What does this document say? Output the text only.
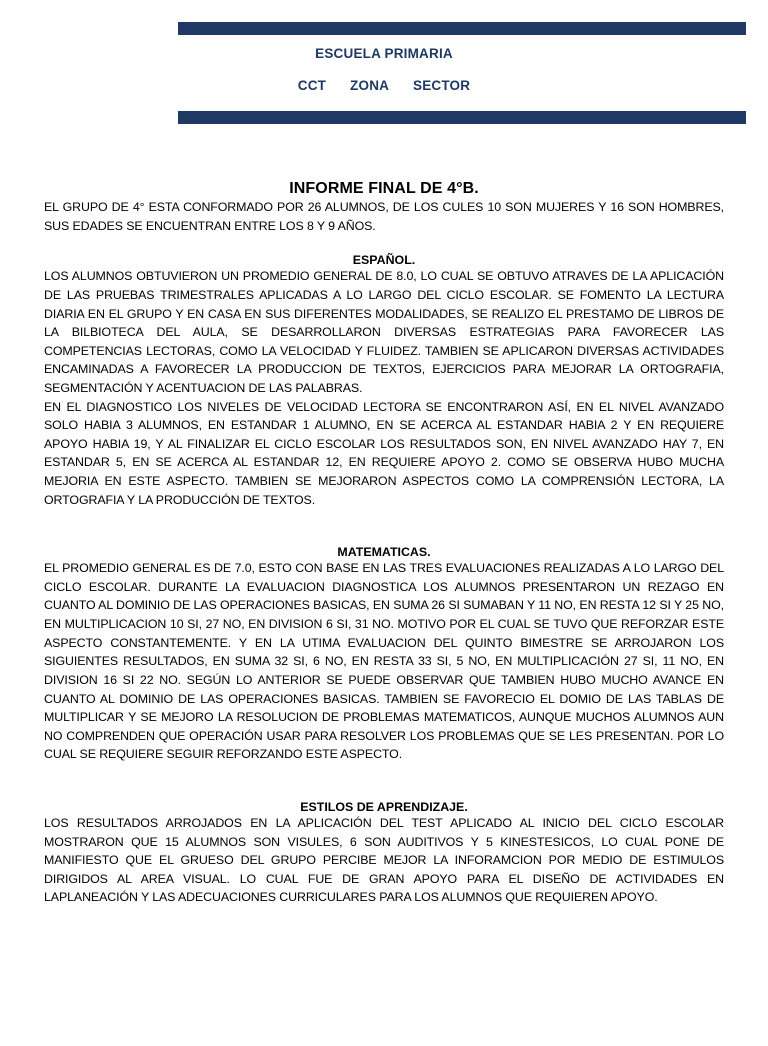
ESCUELA PRIMARIA
CCT ZONA SECTOR
INFORME FINAL DE 4°B.

EL GRUPO DE 4° ESTA CONFORMADO POR 26 ALUMNOS, DE LOS CULES 10 SON MUJERES Y 16 SON HOMBRES, SUS EDADES SE ENCUENTRAN ENTRE LOS 8 Y 9 AÑOS.

ESPAÑOL.

LOS ALUMNOS OBTUVIERON UN PROMEDIO GENERAL DE 8.0, LO CUAL SE OBTUVO ATRAVES DE LA APLICACIÓN DE LAS PRUEBAS TRIMESTRALES APLICADAS A LO LARGO DEL CICLO ESCOLAR. SE FOMENTO LA LECTURA DIARIA EN EL GRUPO Y EN CASA EN SUS DIFERENTES MODALIDADES, SE REALIZO EL PRESTAMO DE LIBROS DE LA BILBIOTECA DEL AULA, SE DESARROLLARON DIVERSAS ESTRATEGIAS PARA FAVORECER LAS COMPETENCIAS LECTORAS, COMO LA VELOCIDAD Y FLUIDEZ. TAMBIEN SE APLICARON DIVERSAS ACTIVIDADES ENCAMINADAS A FAVORECER LA PRODUCCION DE TEXTOS, EJERCICIOS PARA MEJORAR LA ORTOGRAFIA, SEGMENTACIÓN Y ACENTUACION DE LAS PALABRAS.

EN EL DIAGNOSTICO LOS NIVELES DE VELOCIDAD LECTORA SE ENCONTRARON ASÍ, EN EL NIVEL AVANZADO SOLO HABIA 3 ALUMNOS, EN ESTANDAR 1 ALUMNO, EN SE ACERCA AL ESTANDAR HABIA 2 Y EN REQUIERE APOYO HABIA 19, Y AL FINALIZAR EL CICLO ESCOLAR LOS RESULTADOS SON, EN NIVEL AVANZADO HAY 7, EN ESTANDAR 5, EN SE ACERCA AL ESTANDAR 12, EN REQUIERE APOYO 2. COMO SE OBSERVA HUBO MUCHA MEJORIA EN ESTE ASPECTO. TAMBIEN SE MEJORARON ASPECTOS COMO LA COMPRENSIÓN LECTORA, LA ORTOGRAFIA Y LA PRODUCCIÓN DE TEXTOS.

MATEMATICAS.

EL PROMEDIO GENERAL ES DE 7.0, ESTO CON BASE EN LAS TRES EVALUACIONES REALIZADAS A LO LARGO DEL CICLO ESCOLAR. DURANTE LA EVALUACION DIAGNOSTICA LOS ALUMNOS PRESENTARON UN REZAGO EN CUANTO AL DOMINIO DE LAS OPERACIONES BASICAS, EN SUMA 26 SI SUMABAN Y 11 NO, EN RESTA 12 SI Y 25 NO, EN MULTIPLICACION 10 SI, 27 NO, EN DIVISION 6 SI, 31 NO. MOTIVO POR EL CUAL SE TUVO QUE REFORZAR ESTE ASPECTO CONSTANTEMENTE. Y EN LA UTIMA EVALUACION DEL QUINTO BIMESTRE SE ARROJARON LOS SIGUIENTES RESULTADOS, EN SUMA 32 SI, 6 NO, EN RESTA 33 SI, 5 NO, EN MULTIPLICACIÓN 27 SI, 11 NO, EN DIVISION 16 SI 22 NO. SEGÚN LO ANTERIOR SE PUEDE OBSERVAR QUE TAMBIEN HUBO MUCHO AVANCE EN CUANTO AL DOMINIO DE LAS OPERACIONES BASICAS. TAMBIEN SE FAVORECIO EL DOMIO DE LAS TABLAS DE MULTIPLICAR Y SE MEJORO LA RESOLUCION DE PROBLEMAS MATEMATICOS, AUNQUE MUCHOS ALUMNOS AUN NO COMPRENDEN QUE OPERACIÓN USAR PARA RESOLVER LOS PROBLEMAS QUE SE LES PRESENTAN. POR LO CUAL SE REQUIERE SEGUIR REFORZANDO ESTE ASPECTO.

ESTILOS DE APRENDIZAJE.

LOS RESULTADOS ARROJADOS EN LA APLICACIÓN DEL TEST APLICADO AL INICIO DEL CICLO ESCOLAR MOSTRARON QUE 15 ALUMNOS SON VISULES, 6 SON AUDITIVOS Y 5 KINESTESICOS, LO CUAL PONE DE MANIFIESTO QUE EL GRUESO DEL GRUPO PERCIBE MEJOR LA INFORAMCION POR MEDIO DE ESTIMULOS DIRIGIDOS AL AREA VISUAL. LO CUAL FUE DE GRAN APOYO PARA EL DISEÑO DE ACTIVIDADES EN LAPLANEACIÓN Y LAS ADECUACIONES CURRICULARES PARA LOS ALUMNOS QUE REQUIEREN APOYO.
